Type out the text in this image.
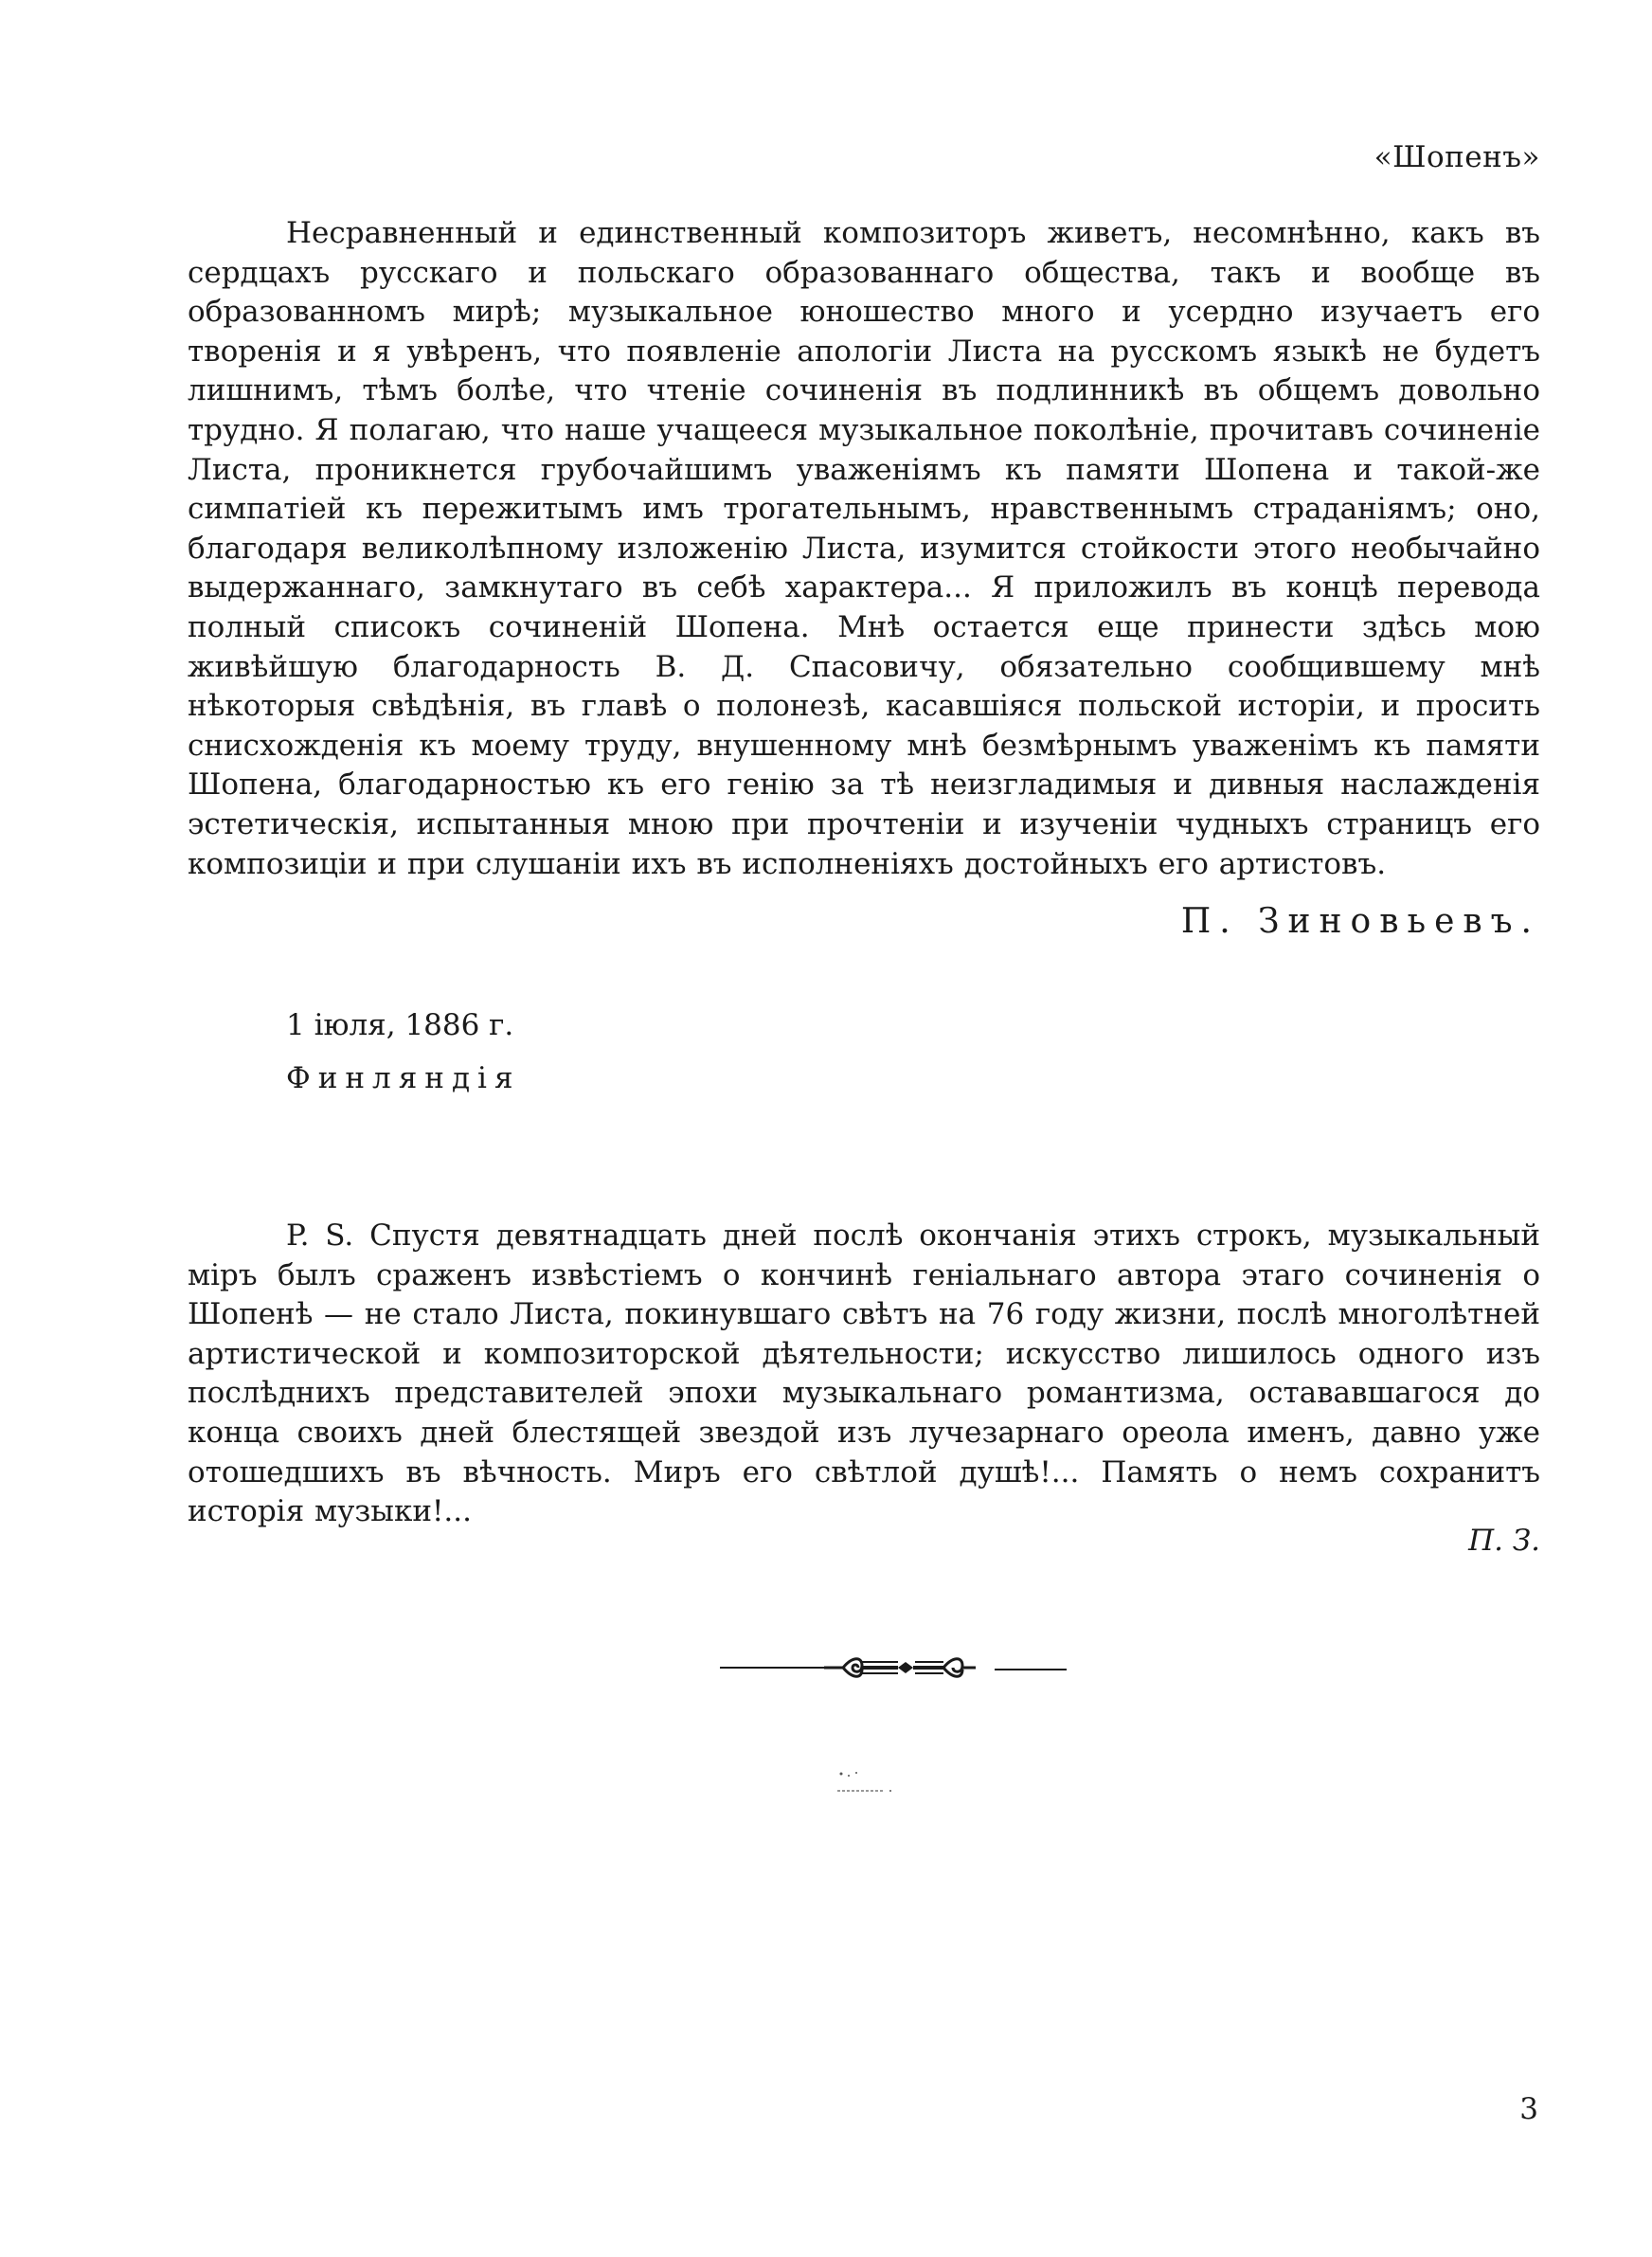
«Шопенъ»

Несравненный и единственный композиторъ живетъ, несомнѣнно, какъ въ сердцахъ русскаго и польскаго образованнаго общества, такъ и вообще въ образованномъ мирѣ; музыкальное юношество много и усердно изучаетъ его творенія и я увѣренъ, что появленіе апологіи Листа на русскомъ языкѣ не будетъ лишнимъ, тѣмъ болѣе, что чтеніе сочиненія въ подлинникѣ въ общемъ довольно трудно. Я полагаю, что наше учащееся музыкальное поколѣніе, прочитавъ сочиненіе Листа, проникнется грубочайшимъ уваженіямъ къ памяти Шопена и такой-же симпатіей къ пережитымъ имъ трогательнымъ, нравственнымъ страданіямъ; оно, благодаря великолѣпному изложенію Листа, изумится стойкости этого необычайно выдержаннаго, замкнутаго въ себѣ характера... Я приложилъ въ концѣ перевода полный списокъ сочиненій Шопена. Мнѣ остается еще принести здѣсь мою живѣйшую благодарность В. Д. Спасовичу, обязательно сообщившему мнѣ нѣкоторыя свѣдѣнія, въ главѣ о полонезѣ, касавшіяся польской исторіи, и просить снисхожденія къ моему труду, внушенному мнѣ безмѣрнымъ уваженімъ къ памяти Шопена, благодарностью къ его генію за тѣ неизгладимыя и дивныя наслажденія эстетическія, испытанныя мною при прочтеніи и изученіи чудныхъ страницъ его композиціи и при слушаніи ихъ въ исполненіяхъ достойныхъ его артистовъ.

П. Зиновьевъ.
1 іюля, 1886 г.
Финляндія

P. S. Спустя девятнадцать дней послѣ окончанія этихъ строкъ, музыкальный міръ былъ сраженъ извѣстіемъ о кончинѣ геніальнаго автора этаго сочиненія о Шопенѣ — не стало Листа, покинувшаго свѣтъ на 76 году жизни, послѣ многолѣтней артистической и композиторской дѣятельности; искусство лишилось одного изъ послѣднихъ представителей эпохи музыкальнаго романтизма, остававшагося до конца своихъ дней блестящей звездой изъ лучезарнаго ореола именъ, давно уже отошедшихъ въ вѣчность. Миръ его свѣтлой душѣ!... Память о немъ сохранитъ исторія музыки!...

П. З.
3
